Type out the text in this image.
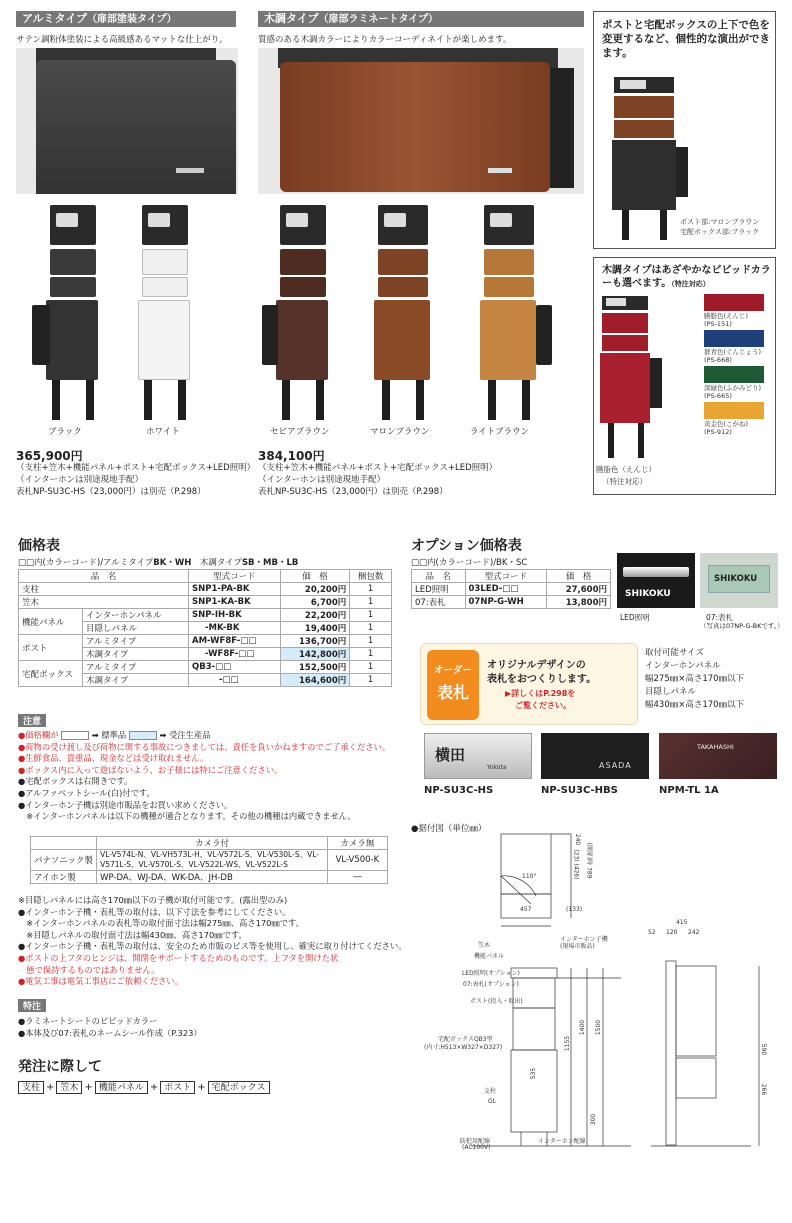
アルミタイプ（扉部塗装タイプ）
サテン調粉体塗装による高級感あるマットな仕上がり。
ブラック	ホワイト
365,900円
（支柱+笠木+機能パネル+ポスト+宅配ボックス+LED照明）
（インターホンは別途現地手配）
表札NP-SU3C-HS（23,000円）は別売（P.298）
木調タイプ（扉部ラミネートタイプ）
質感のある木調カラーによりカラーコーディネイトが楽しめます。
セピアブラウン	マロンブラウン	ライトブラウン
384,100円
（支柱+笠木+機能パネル+ポスト+宅配ボックス+LED照明）
（インターホンは別途現地手配）
表札NP-SU3C-HS（23,000円）は別売（P.298）
ポストと宅配ボックスの上下で色を変更するなど、個性的な演出ができます。
ポスト部:マロンブラウン
宅配ボックス部:ブラック
木調タイプはあざやかなビビッドカラーも選べます。（特注対応）
臙脂色（えんじ）
（特注対応）
臙脂色(えんじ)
(PS-151)
群青色(ぐんじょう)
(PS-668)
深緑色(ふかみどり)
(PS-665)
黄金色(こがね)
(PS-912)
価格表
□□内(カラーコード)/アルミタイプBK・WH　木調タイプSB・MB・LB
品　名		型式コード	価　格	梱包数
支柱		SNP1-PA-BK	20,200円	1
笠木		SNP1-KA-BK	6,700円	1
機能パネル	インターホンパネル	SNP-IH-BK	22,200円	1
	目隠しパネル	-MK-BK	19,400円	1
ポスト	アルミタイプ	AM-WF8F-□□	136,700円	1
	木調タイプ	-WF8F-□□	142,800円	1
宅配ボックス	アルミタイプ	QB3-□□	152,500円	1
	木調タイプ	-□□	164,600円	1
注意
●価格欄が	➡ 標準品	➡ 受注生産品
●荷物の受け渡し及び荷物に関する事故につきましては、責任を負いかねますのでご了承ください。
●生鮮食品、貴重品、現金などは受け取れません。
●ボックス内に入って遊ばないよう、お子様には特にご注意ください。
●宅配ボックスは右開きです。
●アルファベットシール(白)付です。
●インターホン子機は別途市販品をお買い求めください。
　※インターホンパネルは以下の機種が適合となります。その他の機種は内蔵できません。
	カメラ付	カメラ無
パナソニック製	VL-V574L-N、VL-VH573L-H、VL-V572L-S、VL-V530L-S、VL-V571L-S、VL-V570L-S、VL-V522L-WS、VL-V522L-S	VL-V500-K
アイホン製	WP-DA、WJ-DA、WK-DA、JH-DB	―
※目隠しパネルには高さ170㎜以下の子機が取付可能です。(露出型のみ)
●インターホン子機・表札等の取付は、以下寸法を参考にしてください。
　※インターホンパネルの表札等の取付面寸法は幅275㎜、高さ170㎜です。
　※目隠しパネルの取付面寸法は幅430㎜、高さ170㎜です。
●インターホン子機・表札等の取付は、安全のため市販のビス等を使用し、確実に取り付けてください。
●ポストの上フタのヒンジは、開閉をサポートするためのものです。上フタを開けた状
　態で保持するものではありません。
●電気工事は電気工事店にご依頼ください。
特注
●ラミネートシートのビビッドカラー
●本体及び07:表札のネームシール作成（P.323）
発注に際して
支柱 + 笠木 + 機能パネル + ポスト + 宅配ボックス
オプション価格表
□□内(カラーコード)/BK・SC
品　名	型式コード	価　格
LED照明	03LED-□□	27,600円
07:表札	07NP-G-WH	13,800円
SHIKOKU
LED照明
SHIKOKU
07:表札
（写真は07NP-G-BKです。）
オーダー
表札
オリジナルデザインの
表札をおつくりします。
▶詳しくはP.298を
ご覧ください。
取付可能サイズ
インターホンパネル
幅275㎜×高さ170㎜以下
目隠しパネル
幅430㎜×高さ170㎜以下
横田
Yokota	ASADA
TAKAHASHI
NP-SU3C-HS	NP-SU3C-HBS	NPM-TL 1A
●据付図（単位㎜）
240
(23)
(426) (開扉)時 789
110°
457	(133)
415
52 120 242
590
266
1400 1500
1155
535
300
笠木
機能パネル
LED照明(オプション)
07:表札(オプション)
ポスト(投入・取出)
宅配ボックスQB3型
(内寸:H513×W327×D327)
支柱
GL
インターホン子機
(現場市販品)
防犯用配線
(AC100V)
インターホン配線
